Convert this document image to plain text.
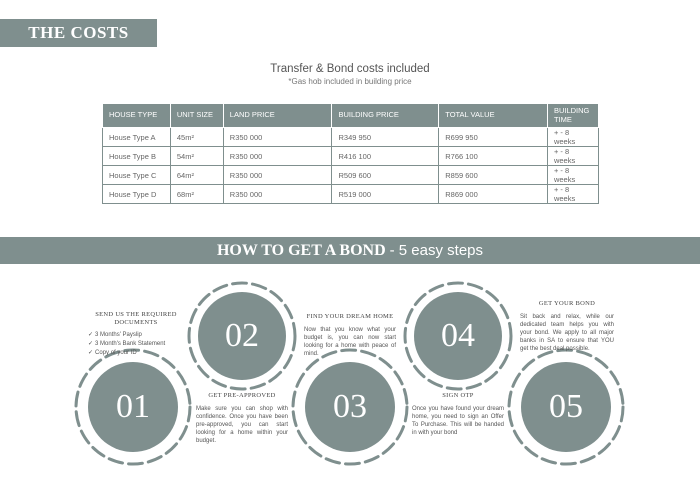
THE COSTS
Transfer & Bond costs included
*Gas hob included in building price
HOUSE TYPE	UNIT SIZE	LAND PRICE	BUILDING PRICE	TOTAL VALUE	BUILDING TIME
House Type A	45m²	R350 000	R349 950	R699 950	+ - 8 weeks
House Type B	54m²	R350 000	R416 100	R766 100	+ - 8 weeks
House Type C	64m²	R350 000	R509 600	R859 600	+ - 8 weeks
House Type D	68m²	R350 000	R519 000	R869 000	+ - 8 weeks
HOW TO GET A BOND - 5 easy steps
01
02
03
04
05
SEND US THE REQUIRED DOCUMENTS
✓ 3 Months' Payslip
✓ 3 Month's Bank Statement
✓ Copy of your ID
GET PRE-APPROVED
Make sure you can shop with confidence. Once you have been pre-approved, you can start looking for a home within your budget.
FIND YOUR DREAM HOME
Now that you know what your budget is, you can now start looking for a home with peace of mind.
SIGN OTP
Once you have found your dream home, you need to sign an Offer To Purchase. This will be handed in with your bond
GET YOUR BOND
Sit back and relax, while our dedicated team helps you with your bond. We apply to all major banks in SA to ensure that YOU get the best deal possible.
